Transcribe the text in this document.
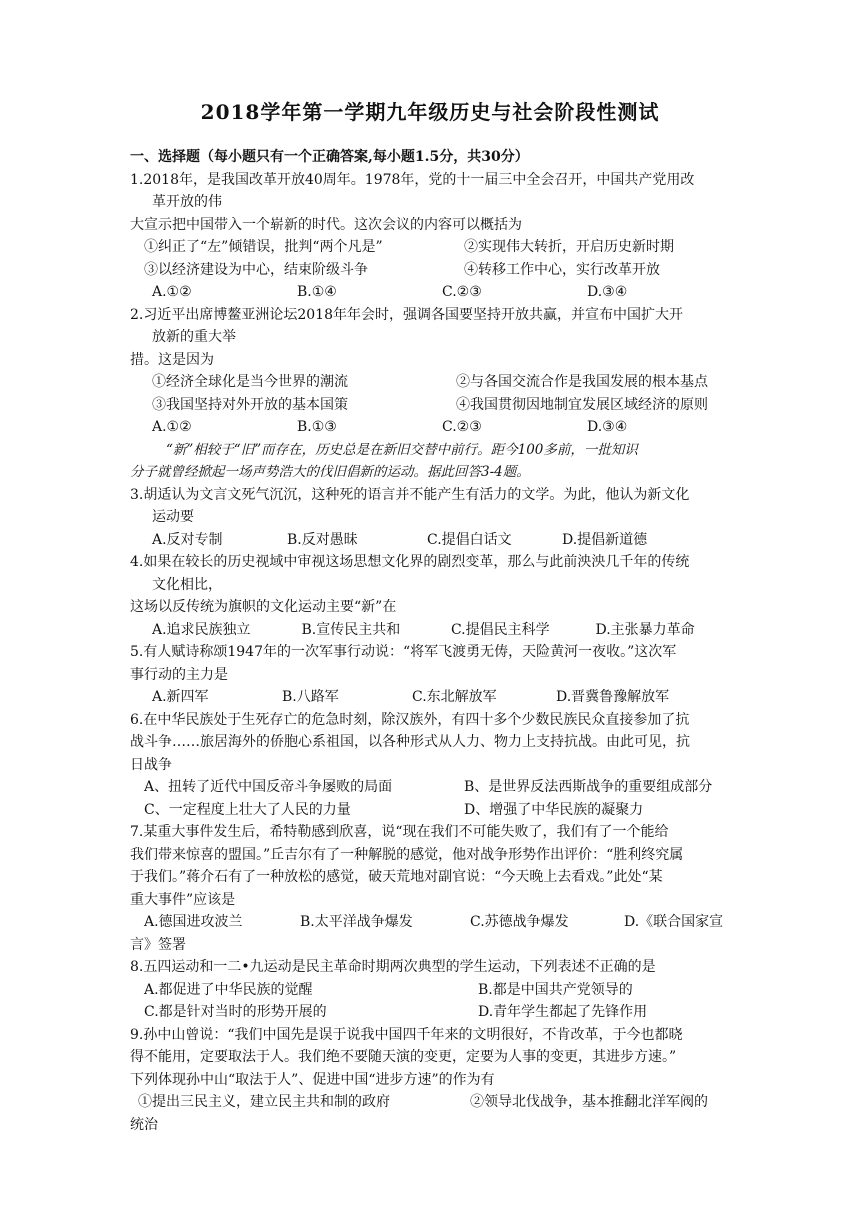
2018学年第一学期九年级历史与社会阶段性测试
一、选择题（每小题只有一个正确答案,每小题1.5分，共30分）
1.2018年，是我国改革开放40周年。1978年，党的十一届三中全会召开，中国共产党用改
革开放的伟
大宣示把中国带入一个崭新的时代。这次会议的内容可以概括为
①纠正了“左”倾错误，批判“两个凡是”	②实现伟大转折，开启历史新时期
③以经济建设为中心，结束阶级斗争	④转移工作中心，实行改革开放
A.①②	B.①④	C.②③	D.③④
2.习近平出席博鳌亚洲论坛2018年年会时，强调各国要坚持开放共赢，并宣布中国扩大开
放新的重大举
措。这是因为
①经济全球化是当今世界的潮流	②与各国交流合作是我国发展的根本基点
③我国坚持对外开放的基本国策	④我国贯彻因地制宜发展区域经济的原则
A.①②	B.①③	C.②③	D.③④
“新”相较于“旧”而存在，历史总是在新旧交替中前行。距今100多前，一批知识
分子就曾经掀起一场声势浩大的伐旧倡新的运动。据此回答3-4题。
3.胡适认为文言文死气沉沉，这种死的语言并不能产生有活力的文学。为此，他认为新文化
运动要
A.反对专制	B.反对愚昧	C.提倡白话文	D.提倡新道德
4.如果在较长的历史视域中审视这场思想文化界的剧烈变革，那么与此前泱泱几千年的传统
文化相比，
这场以反传统为旗帜的文化运动主要“新”在
A.追求民族独立	B.宣传民主共和	C.提倡民主科学	D.主张暴力革命
5.有人赋诗称颂1947年的一次军事行动说：“将军飞渡勇无俦，天险黄河一夜收。”这次军
事行动的主力是
A.新四军	B.八路军	C.东北解放军	D.晋冀鲁豫解放军
6.在中华民族处于生死存亡的危急时刻，除汉族外，有四十多个少数民族民众直接参加了抗
战斗争……旅居海外的侨胞心系祖国，以各种形式从人力、物力上支持抗战。由此可见，抗
日战争
A、扭转了近代中国反帝斗争屡败的局面	B、是世界反法西斯战争的重要组成部分
C、一定程度上壮大了人民的力量	D、增强了中华民族的凝聚力
7.某重大事件发生后，希特勒感到欣喜，说“现在我们不可能失败了，我们有了一个能给
我们带来惊喜的盟国。”丘吉尔有了一种解脱的感觉，他对战争形势作出评价：“胜利终究属
于我们。”蒋介石有了一种放松的感觉，破天荒地对副官说：“今天晚上去看戏。”此处“某
重大事件”应该是
A.德国进攻波兰	B.太平洋战争爆发	C.苏德战争爆发	D.《联合国家宣
言》签署
8.五四运动和一二•九运动是民主革命时期两次典型的学生运动，下列表述不正确的是
A.都促进了中华民族的觉醒	B.都是中国共产党领导的
C.都是针对当时的形势开展的	D.青年学生都起了先锋作用
9.孙中山曾说：“我们中国先是误于说我中国四千年来的文明很好，不肯改革，于今也都晓
得不能用，定要取法于人。我们绝不要随天演的变更，定要为人事的变更，其进步方速。”
下列体现孙中山“取法于人”、促进中国“进步方速”的作为有
①提出三民主义，建立民主共和制的政府	②领导北伐战争，基本推翻北洋军阀的
统治
